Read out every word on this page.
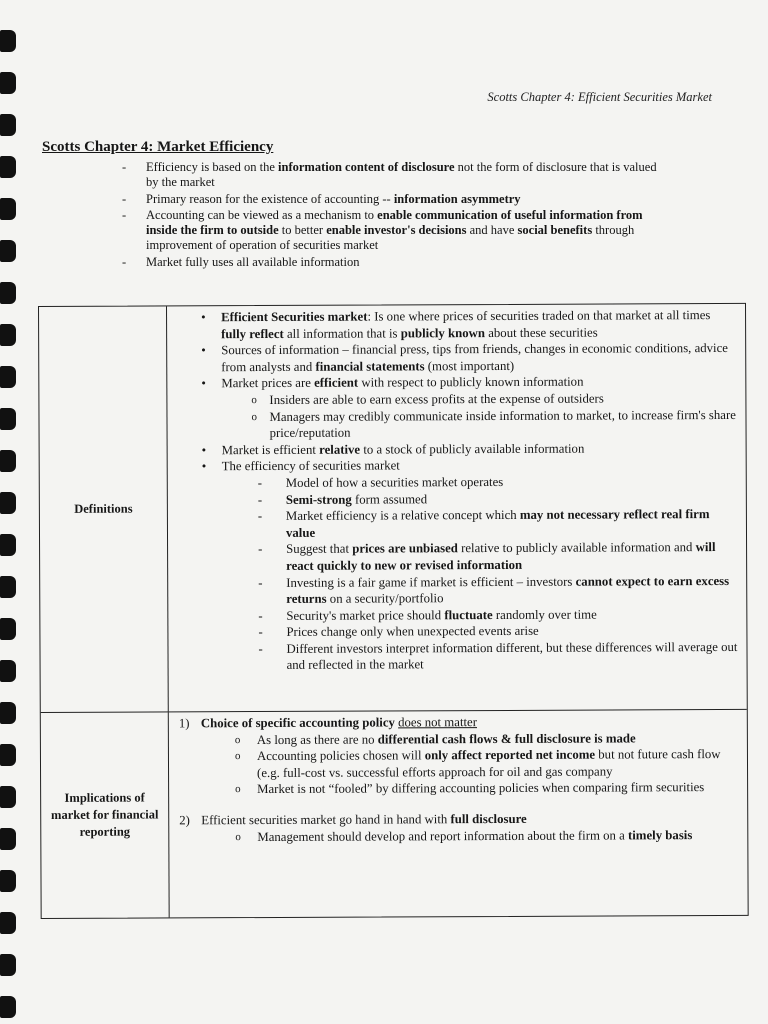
Scotts Chapter 4: Efficient Securities Market
Scotts Chapter 4: Market Efficiency
- Efficiency is based on the information content of disclosure not the form of disclosure that is valued by the market
- Primary reason for the existence of accounting -- information asymmetry
- Accounting can be viewed as a mechanism to enable communication of useful information from inside the firm to outside to better enable investor's decisions and have social benefits through improvement of operation of securities market
- Market fully uses all available information
Definitions
• Efficient Securities market: Is one where prices of securities traded on that market at all times fully reflect all information that is publicly known about these securities
• Sources of information – financial press, tips from friends, changes in economic conditions, advice from analysts and financial statements (most important)
• Market prices are efficient with respect to publicly known information
o Insiders are able to earn excess profits at the expense of outsiders
o Managers may credibly communicate inside information to market, to increase firm's share price/reputation
• Market is efficient relative to a stock of publicly available information
• The efficiency of securities market
- Model of how a securities market operates
- Semi-strong form assumed
- Market efficiency is a relative concept which may not necessary reflect real firm value
- Suggest that prices are unbiased relative to publicly available information and will react quickly to new or revised information
- Investing is a fair game if market is efficient – investors cannot expect to earn excess returns on a security/portfolio
- Security's market price should fluctuate randomly over time
- Prices change only when unexpected events arise
- Different investors interpret information different, but these differences will average out and reflected in the market
Implications of market for financial reporting
1) Choice of specific accounting policy does not matter
o As long as there are no differential cash flows & full disclosure is made
o Accounting policies chosen will only affect reported net income but not future cash flow (e.g. full-cost vs. successful efforts approach for oil and gas company
o Market is not “fooled” by differing accounting policies when comparing firm securities
2) Efficient securities market go hand in hand with full disclosure
o Management should develop and report information about the firm on a timely basis
